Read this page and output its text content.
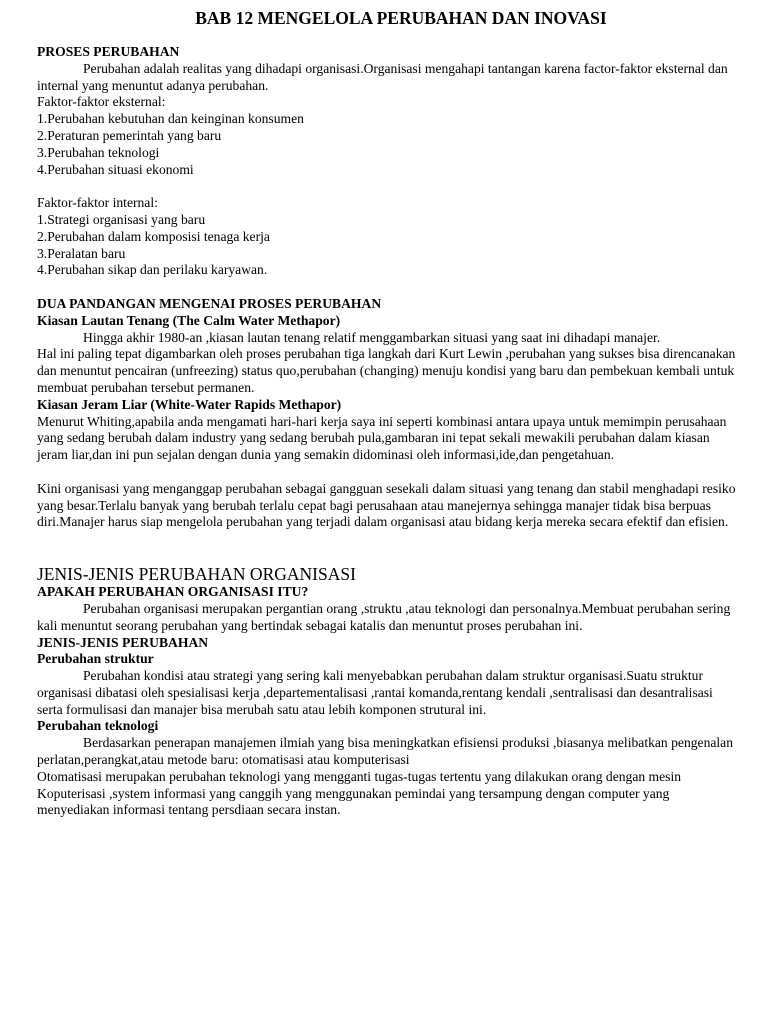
BAB 12 MENGELOLA PERUBAHAN DAN INOVASI

PROSES PERUBAHAN

Perubahan adalah realitas yang dihadapi organisasi.Organisasi mengahapi tantangan karena factor-faktor eksternal dan internal yang menuntut adanya perubahan.

Faktor-faktor eksternal:

1.Perubahan kebutuhan dan keinginan konsumen
2.Peraturan pemerintah yang baru
3.Perubahan teknologi
4.Perubahan situasi ekonomi

Faktor-faktor internal:

1.Strategi organisasi yang baru
2.Perubahan dalam komposisi tenaga kerja
3.Peralatan baru
4.Perubahan sikap dan perilaku karyawan.

DUA PANDANGAN MENGENAI PROSES PERUBAHAN

Kiasan Lautan Tenang (The Calm Water Methapor)

Hingga akhir 1980-an ,kiasan lautan tenang relatif menggambarkan situasi yang saat ini dihadapi manajer.

Hal ini paling tepat digambarkan oleh proses perubahan tiga langkah dari Kurt Lewin ,perubahan yang sukses bisa direncanakan dan menuntut pencairan (unfreezing) status quo,perubahan (changing) menuju kondisi yang baru dan pembekuan kembali untuk membuat perubahan tersebut permanen.

Kiasan Jeram Liar (White-Water Rapids Methapor)

Menurut Whiting,apabila anda mengamati hari-hari kerja saya ini seperti kombinasi antara upaya untuk memimpin perusahaan yang sedang berubah dalam industry yang sedang berubah pula,gambaran ini tepat sekali mewakili perubahan dalam kiasan jeram liar,dan ini pun sejalan dengan dunia yang semakin didominasi oleh informasi,ide,dan pengetahuan.

Kini organisasi yang menganggap perubahan sebagai gangguan sesekali dalam situasi yang tenang dan stabil menghadapi resiko yang besar.Terlalu banyak yang berubah terlalu cepat bagi perusahaan atau manejernya sehingga manajer tidak bisa berpuas diri.Manajer harus siap mengelola perubahan yang terjadi dalam organisasi atau bidang kerja mereka secara efektif dan efisien.

JENIS-JENIS PERUBAHAN ORGANISASI

APAKAH PERUBAHAN ORGANISASI ITU?

Perubahan organisasi merupakan pergantian orang ,struktu ,atau teknologi dan personalnya.Membuat perubahan sering kali menuntut seorang perubahan yang bertindak sebagai katalis dan menuntut proses perubahan ini.

JENIS-JENIS PERUBAHAN

Perubahan struktur

Perubahan kondisi atau strategi yang sering kali menyebabkan perubahan dalam struktur organisasi.Suatu struktur organisasi dibatasi oleh spesialisasi kerja ,departementalisasi ,rantai komanda,rentang kendali ,sentralisasi dan desantralisasi serta formulisasi dan manajer bisa merubah satu atau lebih komponen strutural ini.

Perubahan teknologi

Berdasarkan penerapan manajemen ilmiah yang bisa meningkatkan efisiensi produksi ,biasanya melibatkan pengenalan perlatan,perangkat,atau metode baru: otomatisasi atau komputerisasi

Otomatisasi merupakan perubahan teknologi yang mengganti tugas-tugas tertentu yang dilakukan orang dengan mesin

Koputerisasi ,system informasi yang canggih yang menggunakan pemindai yang tersampung dengan computer yang menyediakan informasi tentang persdiaan secara instan.
